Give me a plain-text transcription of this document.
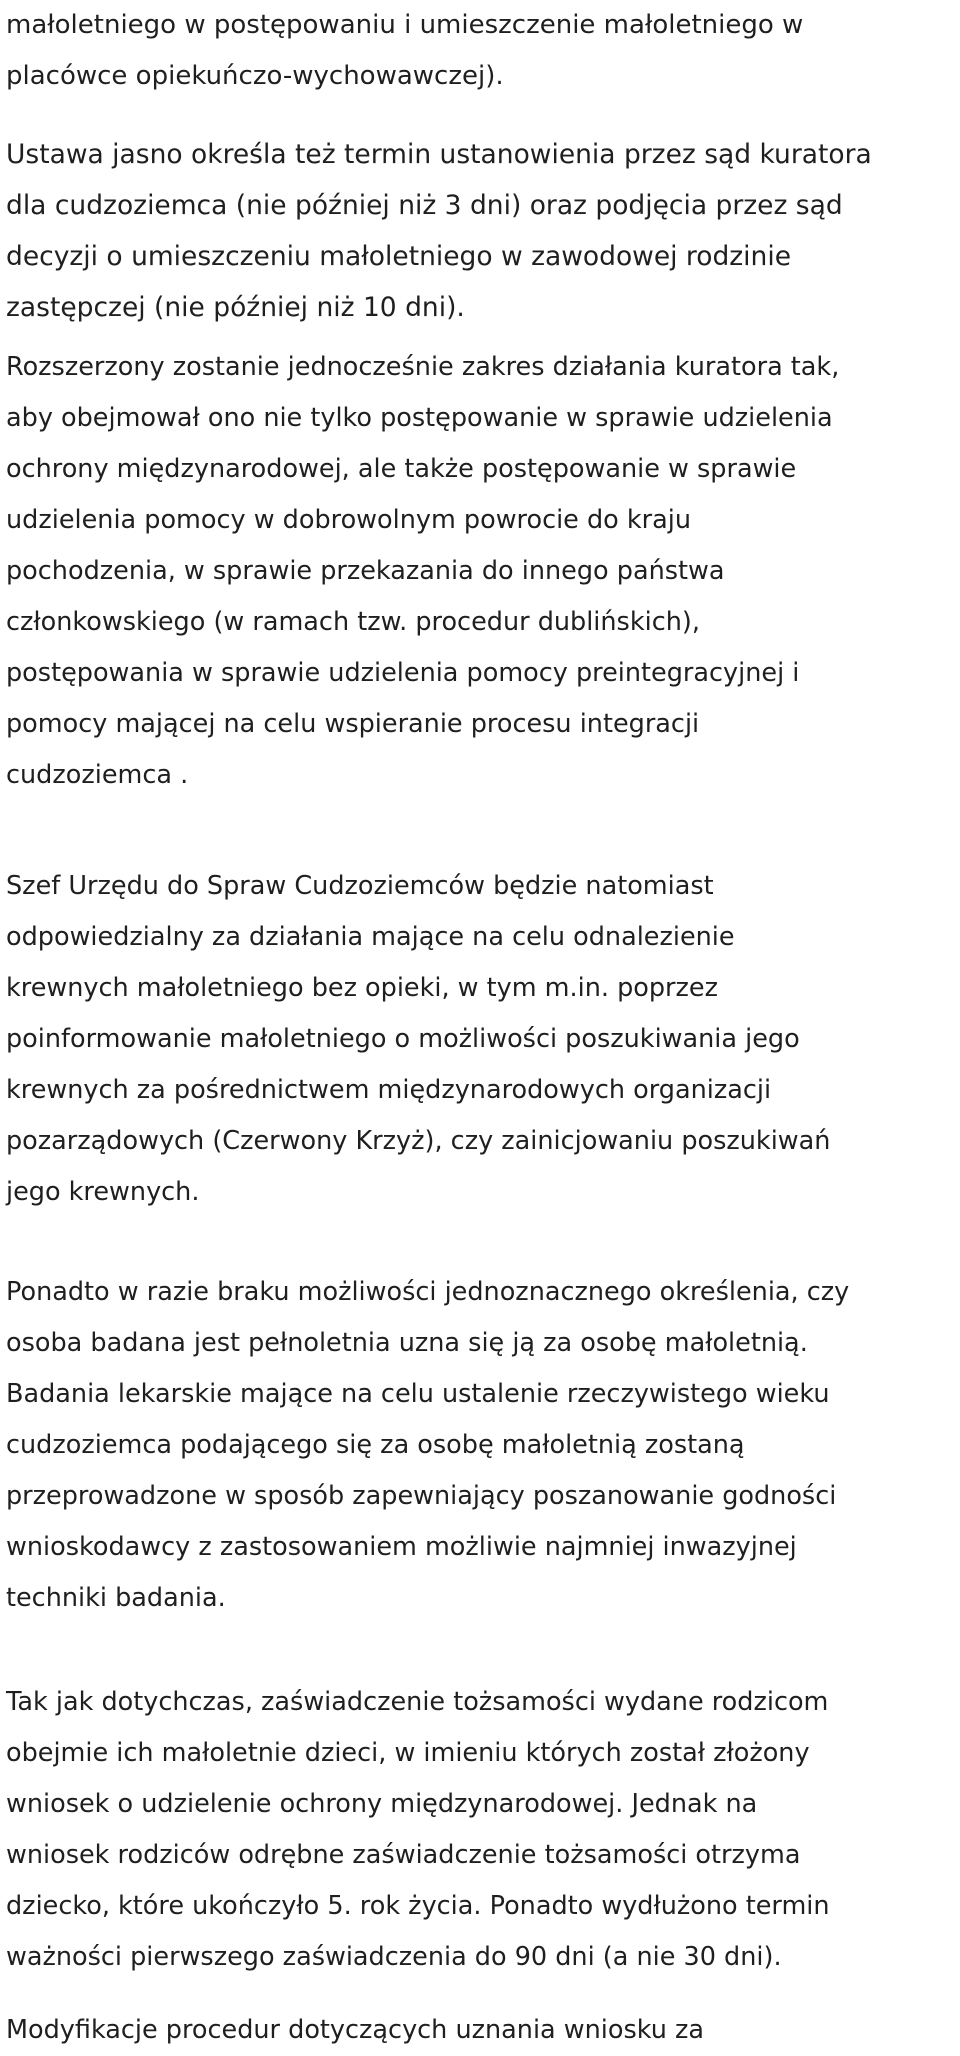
małoletniego w postępowaniu i umieszczenie małoletniego w
placówce opiekuńczo-wychowawczej).

Ustawa jasno określa też termin ustanowienia przez sąd kuratora
dla cudzoziemca (nie później niż 3 dni) oraz podjęcia przez sąd
decyzji o umieszczeniu małoletniego w zawodowej rodzinie
zastępczej (nie później niż 10 dni).

Rozszerzony zostanie jednocześnie zakres działania kuratora tak,
aby obejmował ono nie tylko postępowanie w sprawie udzielenia
ochrony międzynarodowej, ale także postępowanie w sprawie
udzielenia pomocy w dobrowolnym powrocie do kraju
pochodzenia, w sprawie przekazania do innego państwa
członkowskiego (w ramach tzw. procedur dublińskich),
postępowania w sprawie udzielenia pomocy preintegracyjnej i
pomocy mającej na celu wspieranie procesu integracji
cudzoziemca .

Szef Urzędu do Spraw Cudzoziemców będzie natomiast
odpowiedzialny za działania mające na celu odnalezienie
krewnych małoletniego bez opieki, w tym m.in. poprzez
poinformowanie małoletniego o możliwości poszukiwania jego
krewnych za pośrednictwem międzynarodowych organizacji
pozarządowych (Czerwony Krzyż), czy zainicjowaniu poszukiwań
jego krewnych.

Ponadto w razie braku możliwości jednoznacznego określenia, czy
osoba badana jest pełnoletnia uzna się ją za osobę małoletnią.
Badania lekarskie mające na celu ustalenie rzeczywistego wieku
cudzoziemca podającego się za osobę małoletnią zostaną
przeprowadzone w sposób zapewniający poszanowanie godności
wnioskodawcy z zastosowaniem możliwie najmniej inwazyjnej
techniki badania.

Tak jak dotychczas, zaświadczenie tożsamości wydane rodzicom
obejmie ich małoletnie dzieci, w imieniu których został złożony
wniosek o udzielenie ochrony międzynarodowej. Jednak na
wniosek rodziców odrębne zaświadczenie tożsamości otrzyma
dziecko, które ukończyło 5. rok życia. Ponadto wydłużono termin
ważności pierwszego zaświadczenia do 90 dni (a nie 30 dni).

Modyfikacje procedur dotyczących uznania wniosku za
